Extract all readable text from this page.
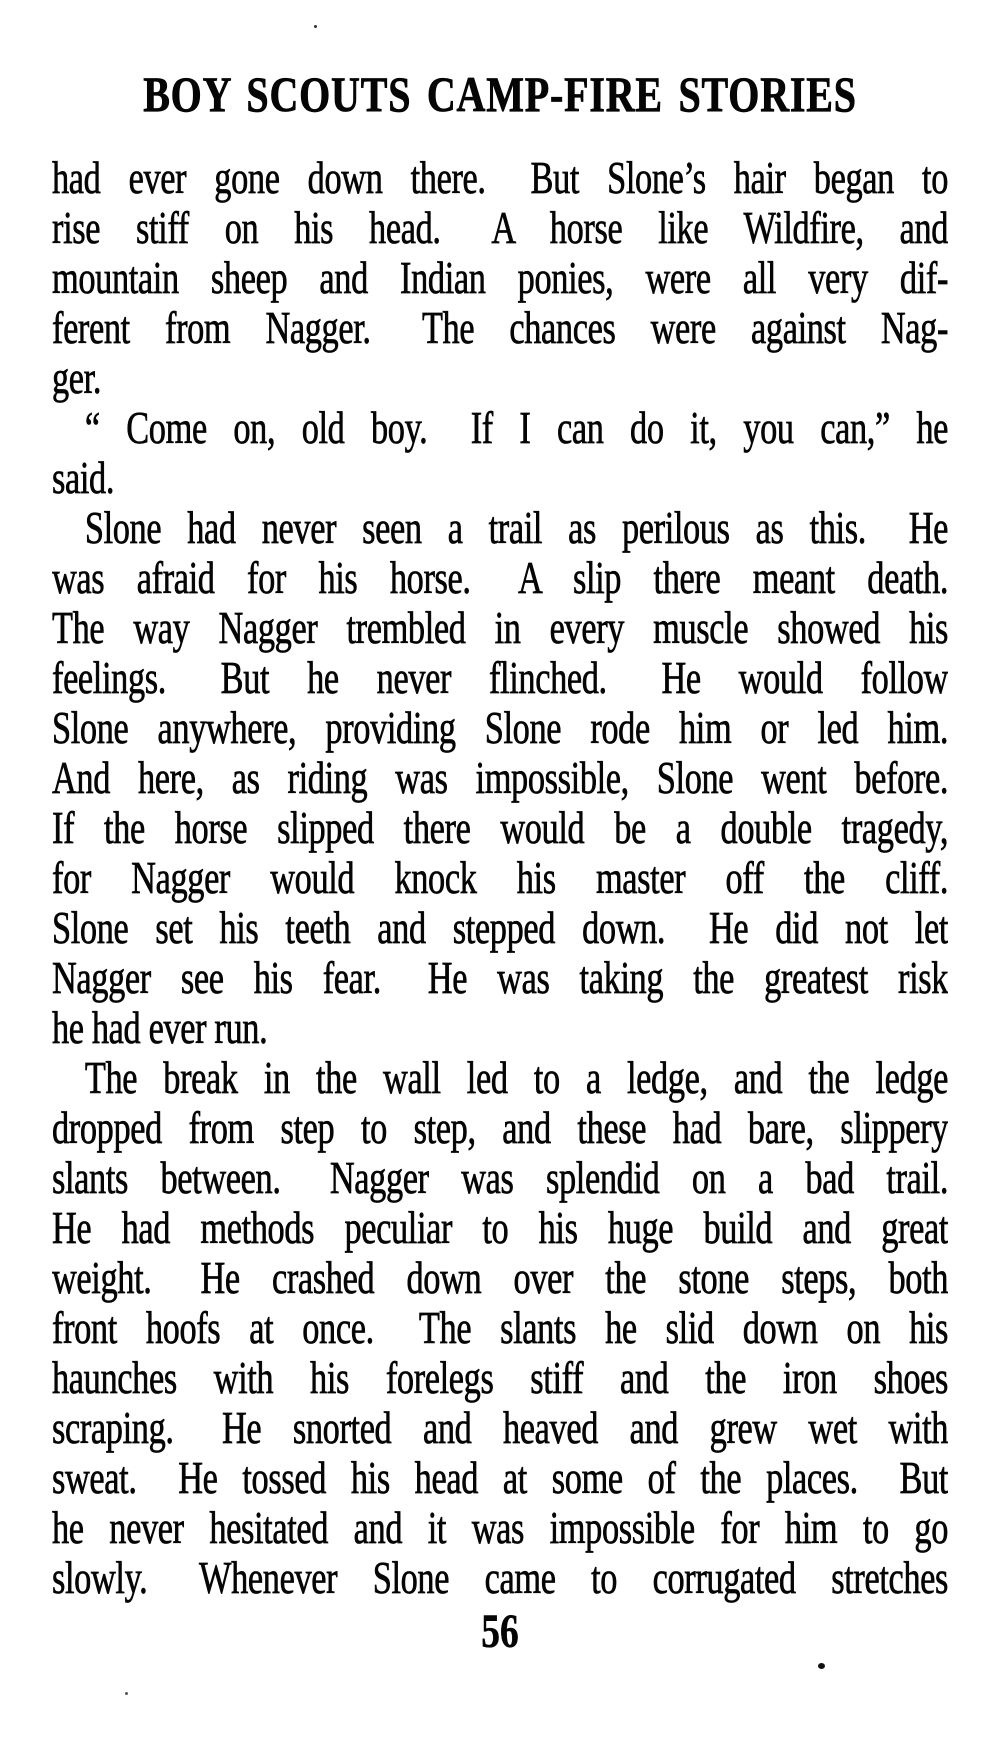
BOY SCOUTS CAMP-FIRE STORIES
had ever gone down there.  But Slone’s hair began to
rise stiff on his head.  A horse like Wildfire, and
mountain sheep and Indian ponies, were all very dif-
ferent from Nagger.  The chances were against Nag-
ger.
“ Come on, old boy.  If I can do it, you can,” he
said.
Slone had never seen a trail as perilous as this.  He
was afraid for his horse.  A slip there meant death.
The way Nagger trembled in every muscle showed his
feelings.  But he never flinched.  He would follow
Slone anywhere, providing Slone rode him or led him.
And here, as riding was impossible, Slone went before.
If the horse slipped there would be a double tragedy,
for Nagger would knock his master off the cliff.
Slone set his teeth and stepped down.  He did not let
Nagger see his fear.  He was taking the greatest risk
he had ever run.
The break in the wall led to a ledge, and the ledge
dropped from step to step, and these had bare, slippery
slants between.  Nagger was splendid on a bad trail.
He had methods peculiar to his huge build and great
weight.  He crashed down over the stone steps, both
front hoofs at once.  The slants he slid down on his
haunches with his forelegs stiff and the iron shoes
scraping.  He snorted and heaved and grew wet with
sweat.  He tossed his head at some of the places.  But
he never hesitated and it was impossible for him to go
slowly.  Whenever Slone came to corrugated stretches
56
